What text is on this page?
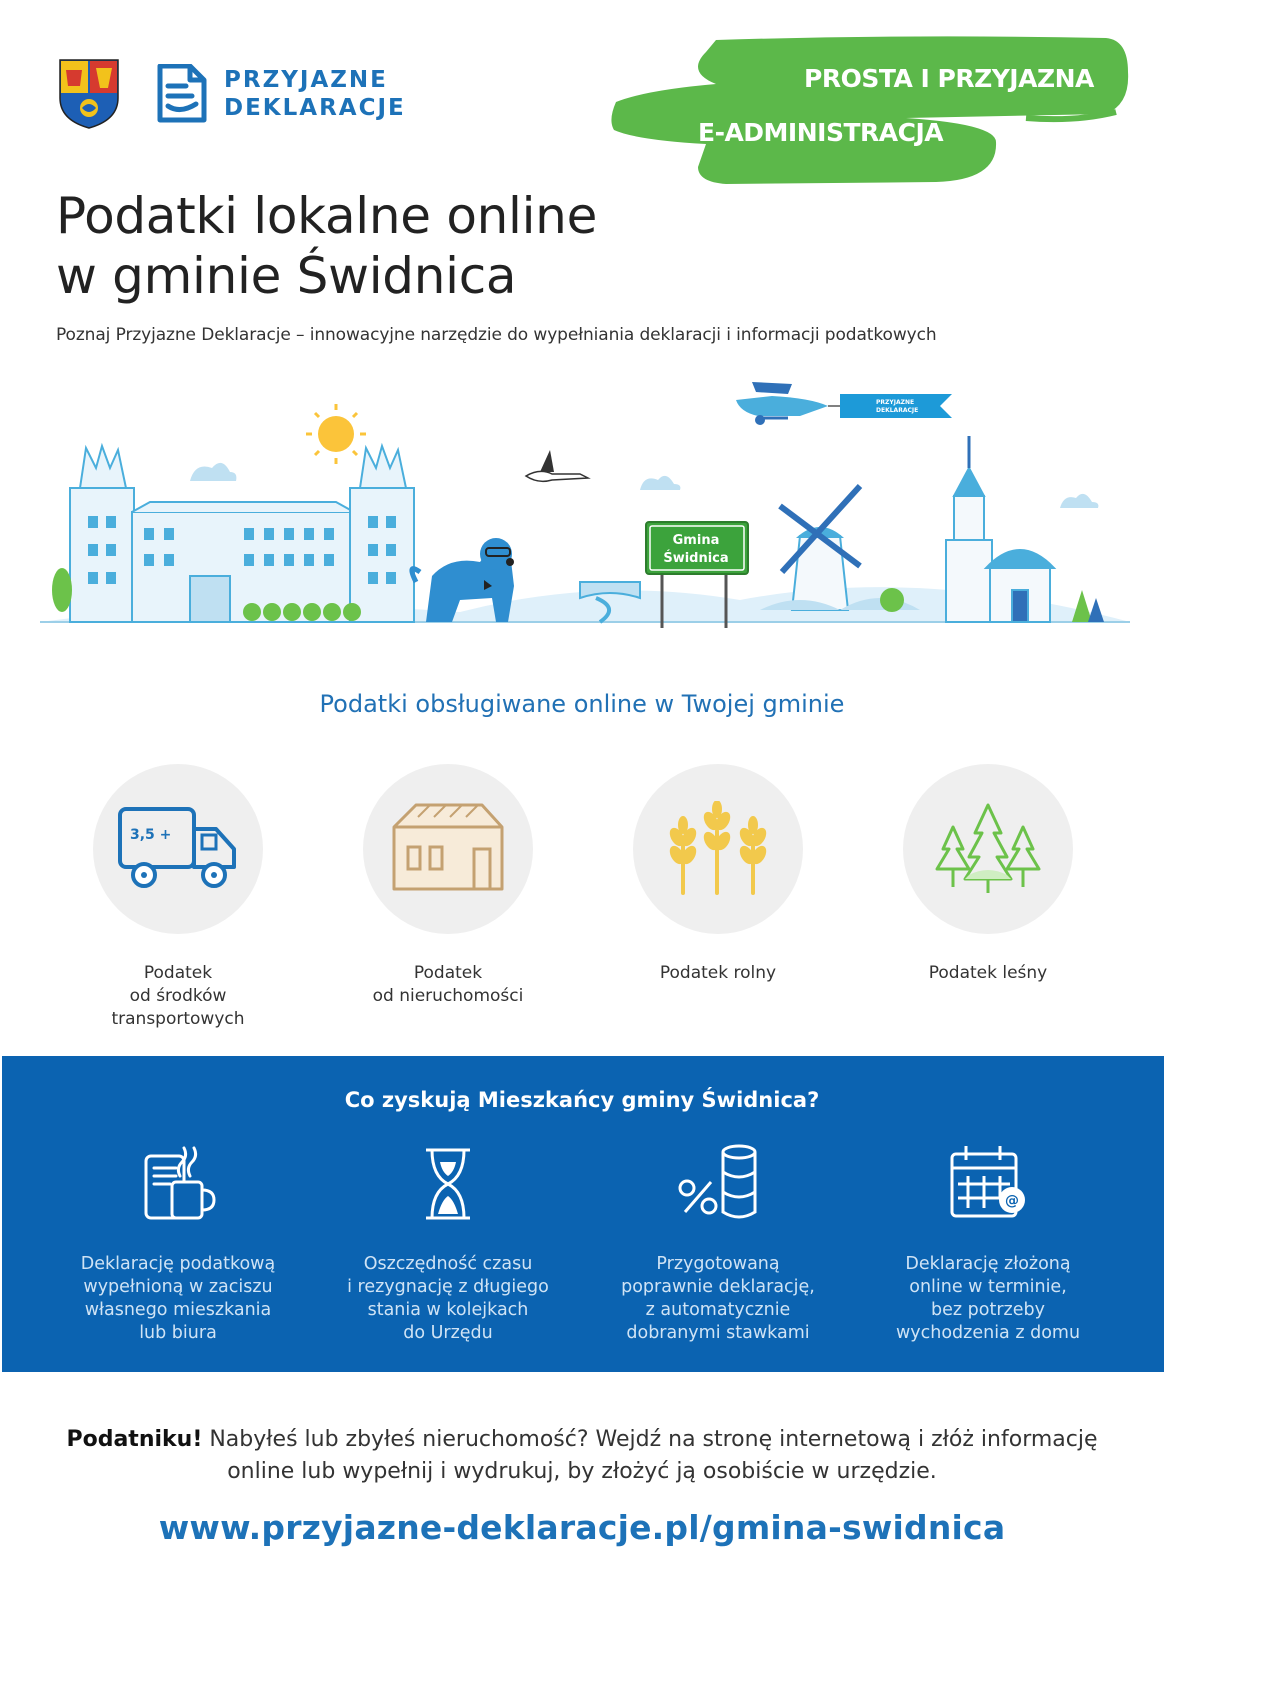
PRZYJAZNE
DEKLARACJE
PROSTA I PRZYJAZNA
E-ADMINISTRACJA
Podatki lokalne online
w gminie Świdnica
Poznaj Przyjazne Deklaracje – innowacyjne narzędzie do wypełniania deklaracji i informacji podatkowych
Gmina
Świdnica
PRZYJAZNE
DEKLARACJE
Podatki obsługiwane online w Twojej gminie
3,5 +
Podatek
od środków
transportowych
Podatek
od nieruchomości
Podatek rolny	Podatek leśny
Co zyskują Mieszkańcy gminy Świdnica?
@
Deklarację podatkową
wypełnioną w zaciszu
własnego mieszkania
lub biura
Oszczędność czasu
i rezygnację z długiego
stania w kolejkach
do Urzędu
Przygotowaną
poprawnie deklarację,
z automatycznie
dobranymi stawkami
Deklarację złożoną
online w terminie,
bez potrzeby
wychodzenia z domu
Podatniku! Nabyłeś lub zbyłeś nieruchomość? Wejdź na stronę internetową i złóż informację online lub wypełnij i wydrukuj, by złożyć ją osobiście w urzędzie.
www.przyjazne-deklaracje.pl/gmina-swidnica
